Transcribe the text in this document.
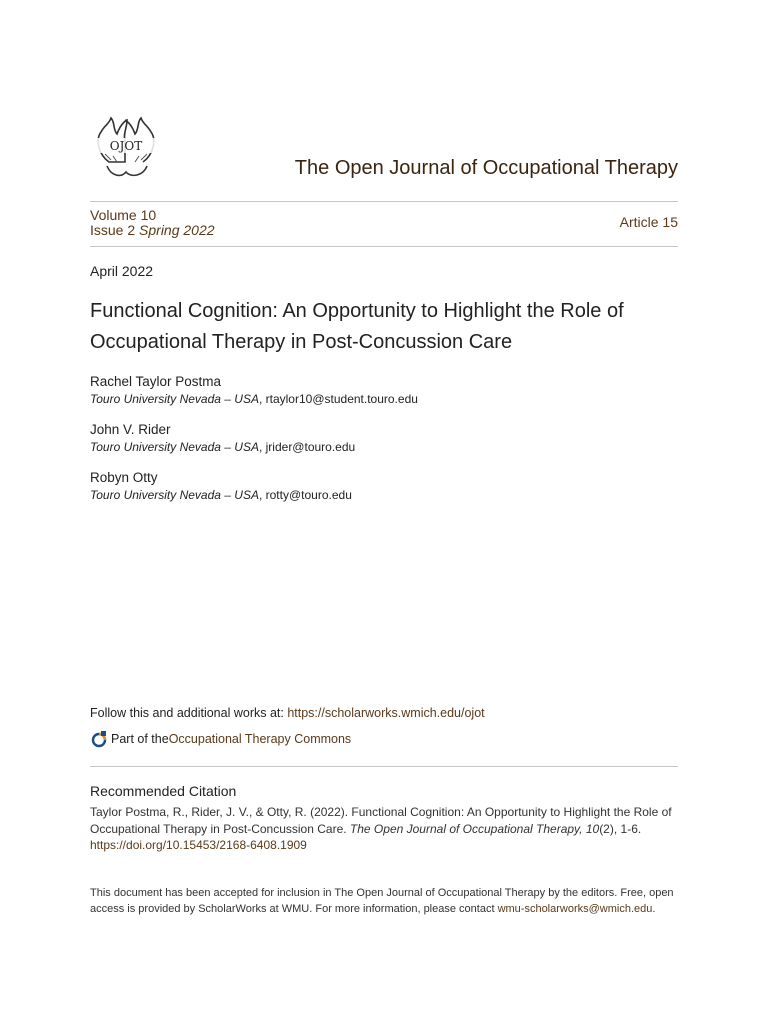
OJOT
The Open Journal of Occupational Therapy
Volume 10
Issue 2 Spring 2022	Article 15
April 2022
Functional Cognition: An Opportunity to Highlight the Role of Occupational Therapy in Post-Concussion Care
Rachel Taylor Postma
Touro University Nevada – USA, rtaylor10@student.touro.edu
John V. Rider
Touro University Nevada – USA, jrider@touro.edu
Robyn Otty
Touro University Nevada – USA, rotty@touro.edu
Follow this and additional works at: https://scholarworks.wmich.edu/ojot
Part of the Occupational Therapy Commons
Recommended Citation
Taylor Postma, R., Rider, J. V., & Otty, R. (2022). Functional Cognition: An Opportunity to Highlight the Role of Occupational Therapy in Post-Concussion Care. The Open Journal of Occupational Therapy, 10(2), 1-6.
https://doi.org/10.15453/2168-6408.1909
This document has been accepted for inclusion in The Open Journal of Occupational Therapy by the editors. Free, open access is provided by ScholarWorks at WMU. For more information, please contact wmu-scholarworks@wmich.edu.
